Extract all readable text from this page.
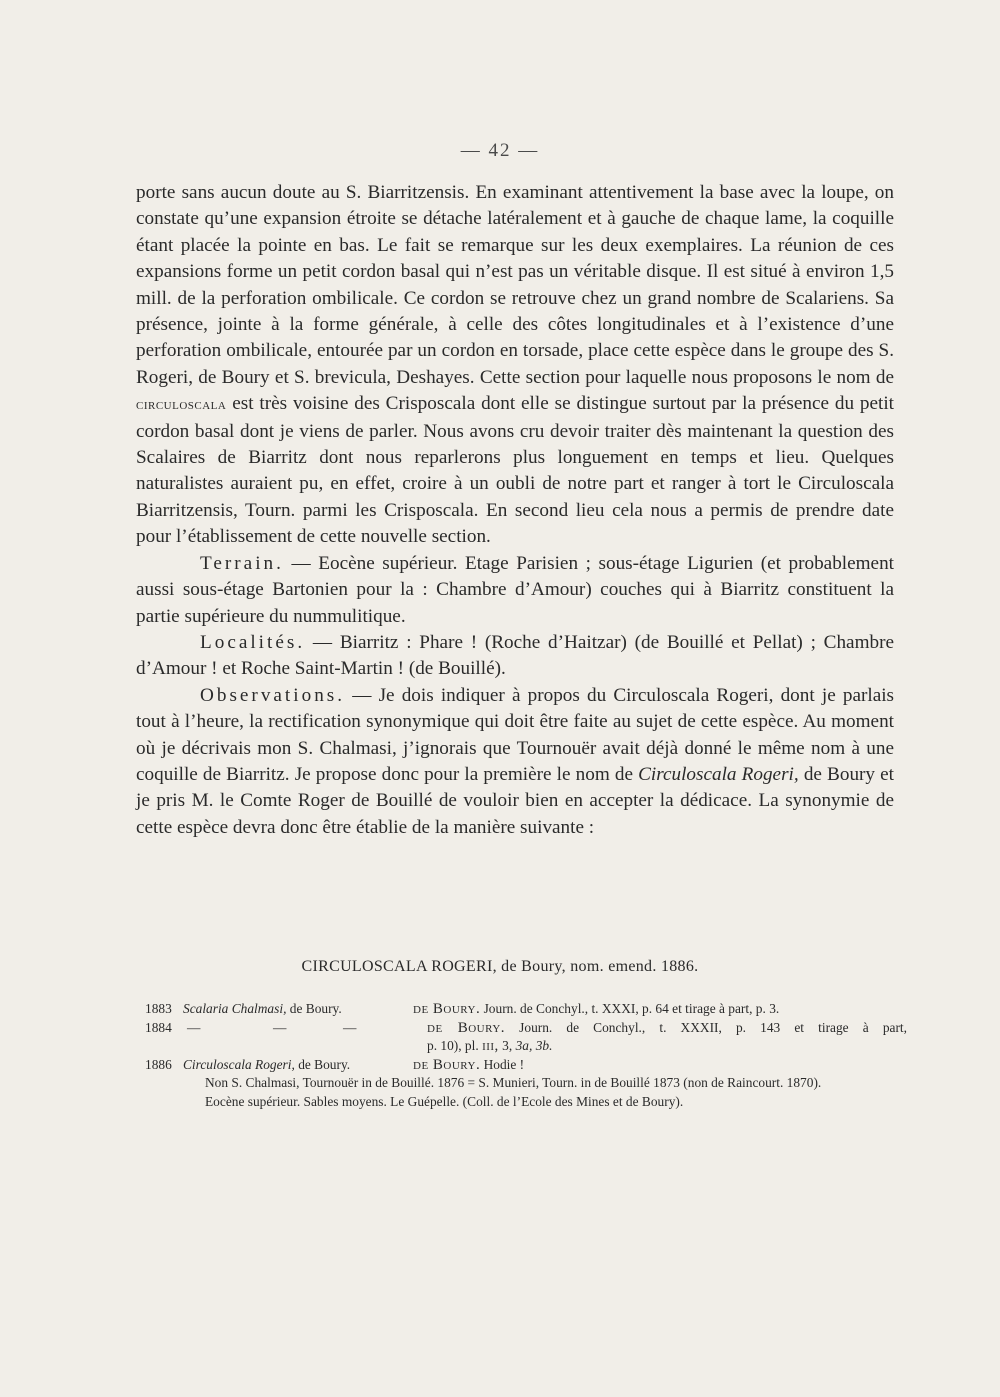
— 42 —

porte sans aucun doute au S. Biarritzensis. En examinant attentivement la base avec la loupe, on constate qu’une expansion étroite se détache latéralement et à gauche de chaque lame, la coquille étant placée la pointe en bas. Le fait se remarque sur les deux exemplaires. La réunion de ces expansions forme un petit cordon basal qui n’est pas un véritable disque. Il est situé à environ 1,5 mill. de la perforation ombilicale. Ce cordon se retrouve chez un grand nombre de Scalariens. Sa présence, jointe à la forme générale, à celle des côtes longitudinales et à l’existence d’une perforation ombilicale, entourée par un cordon en torsade, place cette espèce dans le groupe des S. Rogeri, de Boury et S. brevicula, Deshayes. Cette section pour laquelle nous proposons le nom de circuloscala est très voisine des Crisposcala dont elle se distingue surtout par la présence du petit cordon basal dont je viens de parler. Nous avons cru devoir traiter dès maintenant la question des Scalaires de Biarritz dont nous reparlerons plus longuement en temps et lieu. Quelques naturalistes auraient pu, en effet, croire à un oubli de notre part et ranger à tort le Circuloscala Biarritzensis, Tourn. parmi les Crisposcala. En second lieu cela nous a permis de prendre date pour l’établissement de cette nouvelle section.

Terrain. — Eocène supérieur. Etage Parisien ; sous-étage Ligurien (et probablement aussi sous-étage Bartonien pour la : Chambre d’Amour) couches qui à Biarritz constituent la partie supérieure du nummulitique.

Localités. — Biarritz : Phare ! (Roche d’Haitzar) (de Bouillé et Pellat) ; Chambre d’Amour ! et Roche Saint-Martin ! (de Bouillé).

Observations. — Je dois indiquer à propos du Circuloscala Rogeri, dont je parlais tout à l’heure, la rectification synonymique qui doit être faite au sujet de cette espèce. Au moment où je décrivais mon S. Chalmasi, j’ignorais que Tournouër avait déjà donné le même nom à une coquille de Biarritz. Je propose donc pour la première le nom de Circuloscala Rogeri, de Boury et je pris M. le Comte Roger de Bouillé de vouloir bien en accepter la dédicace. La synonymie de cette espèce devra donc être établie de la manière suivante :

CIRCULOSCALA ROGERI, de Boury, nom. emend. 1886.
1883 Scalaria Chalmasi, de Boury.	de Boury. Journ. de Conchyl., t. XXXI, p. 64 et tirage à part, p. 3.
1884 —	—	—	de Boury. Journ. de Conchyl., t. XXXII, p. 143 et tirage à part,
p. 10), pl. iii, 3, 3a, 3b.
1886 Circuloscala Rogeri, de Boury.	de Boury. Hodie !
Non S. Chalmasi, Tournouër in de Bouillé. 1876 = S. Munieri, Tourn. in de Bouillé 1873 (non de Raincourt. 1870).
Eocène supérieur. Sables moyens. Le Guépelle. (Coll. de l’Ecole des Mines et de Boury).
